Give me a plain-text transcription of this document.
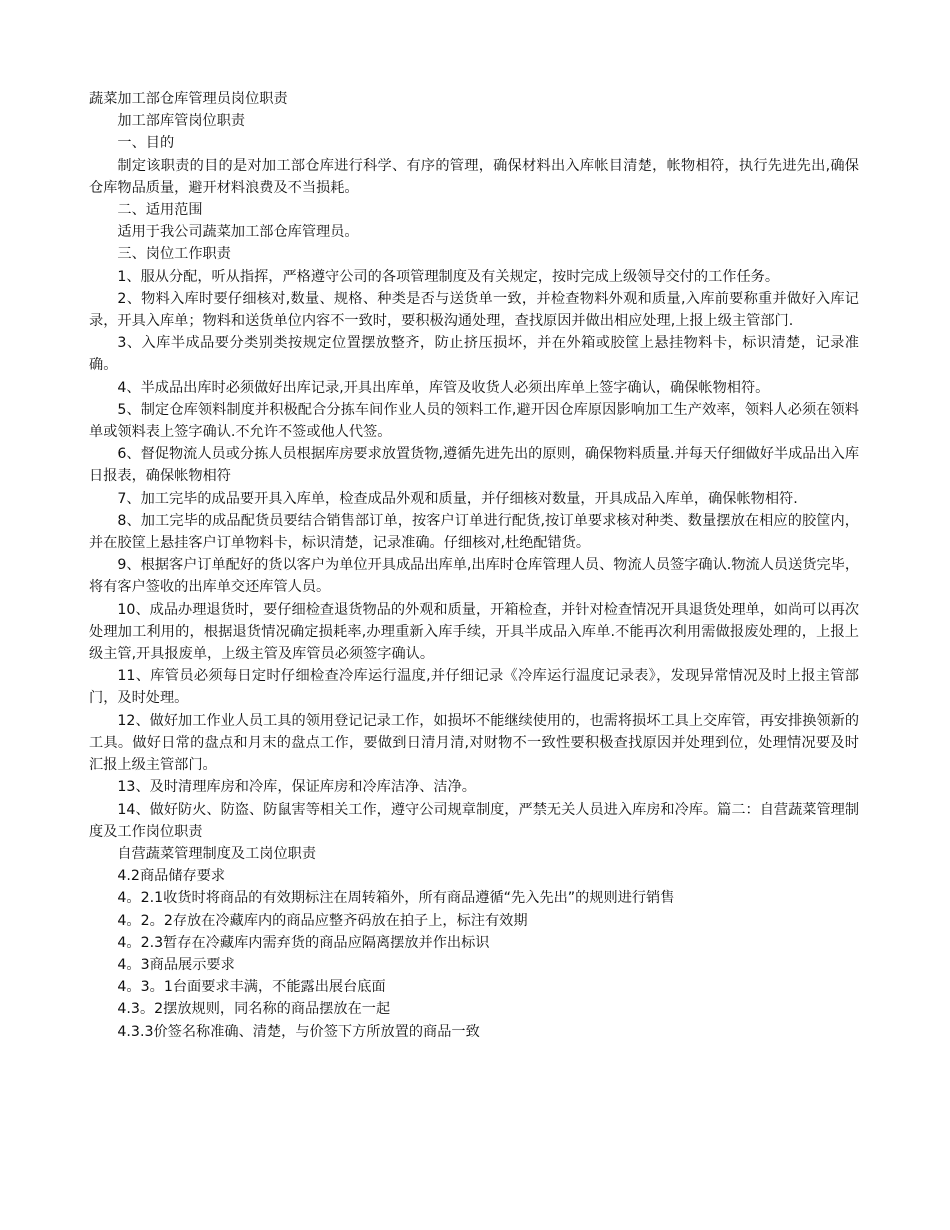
蔬菜加工部仓库管理员岗位职责

加工部库管岗位职责

一、目的

制定该职责的目的是对加工部仓库进行科学、有序的管理，确保材料出入库帐目清楚，帐物相符，执行先进先出,确保仓库物品质量，避开材料浪费及不当损耗。

二、适用范围

适用于我公司蔬菜加工部仓库管理员。

三、岗位工作职责

1、服从分配，听从指挥，严格遵守公司的各项管理制度及有关规定，按时完成上级领导交付的工作任务。

2、物料入库时要仔细核对,数量、规格、种类是否与送货单一致，并检查物料外观和质量,入库前要称重并做好入库记录，开具入库单；物料和送货单位内容不一致时，要积极沟通处理，查找原因并做出相应处理,上报上级主管部门.

3、入库半成品要分类别类按规定位置摆放整齐，防止挤压损坏，并在外箱或胶筐上悬挂物料卡，标识清楚，记录准确。

4、半成品出库时必须做好出库记录,开具出库单，库管及收货人必须出库单上签字确认，确保帐物相符。

5、制定仓库领料制度并积极配合分拣车间作业人员的领料工作,避开因仓库原因影响加工生产效率，领料人必须在领料单或领料表上签字确认.不允许不签或他人代签。

6、督促物流人员或分拣人员根据库房要求放置货物,遵循先进先出的原则，确保物料质量.并每天仔细做好半成品出入库日报表，确保帐物相符

7、加工完毕的成品要开具入库单，检查成品外观和质量，并仔细核对数量，开具成品入库单，确保帐物相符.

8、加工完毕的成品配货员要结合销售部订单，按客户订单进行配货,按订单要求核对种类、数量摆放在相应的胶筐内，并在胶筐上悬挂客户订单物料卡，标识清楚，记录准确。仔细核对,杜绝配错货。

9、根据客户订单配好的货以客户为单位开具成品出库单,出库时仓库管理人员、物流人员签字确认.物流人员送货完毕，将有客户签收的出库单交还库管人员。

10、成品办理退货时，要仔细检查退货物品的外观和质量，开箱检查，并针对检查情况开具退货处理单，如尚可以再次处理加工利用的，根据退货情况确定损耗率,办理重新入库手续，开具半成品入库单.不能再次利用需做报废处理的，上报上级主管,开具报废单，上级主管及库管员必须签字确认。

11、库管员必须每日定时仔细检查冷库运行温度,并仔细记录《冷库运行温度记录表》，发现异常情况及时上报主管部门，及时处理。

12、做好加工作业人员工具的领用登记记录工作，如损坏不能继续使用的，也需将损坏工具上交库管，再安排换领新的工具。做好日常的盘点和月末的盘点工作，要做到日清月清,对财物不一致性要积极查找原因并处理到位，处理情况要及时汇报上级主管部门。

13、及时清理库房和冷库，保证库房和冷库洁净、洁净。

14、做好防火、防盗、防鼠害等相关工作，遵守公司规章制度，严禁无关人员进入库房和冷库。篇二：自营蔬菜管理制度及工作岗位职责

自营蔬菜管理制度及工岗位职责

4.2商品储存要求

4。2.1收货时将商品的有效期标注在周转箱外，所有商品遵循“先入先出”的规则进行销售

4。2。2存放在冷藏库内的商品应整齐码放在拍子上，标注有效期

4。2.3暂存在冷藏库内需弃货的商品应隔离摆放并作出标识

4。3商品展示要求

4。3。1台面要求丰满，不能露出展台底面

4.3。2摆放规则，同名称的商品摆放在一起

4.3.3价签名称准确、清楚，与价签下方所放置的商品一致
